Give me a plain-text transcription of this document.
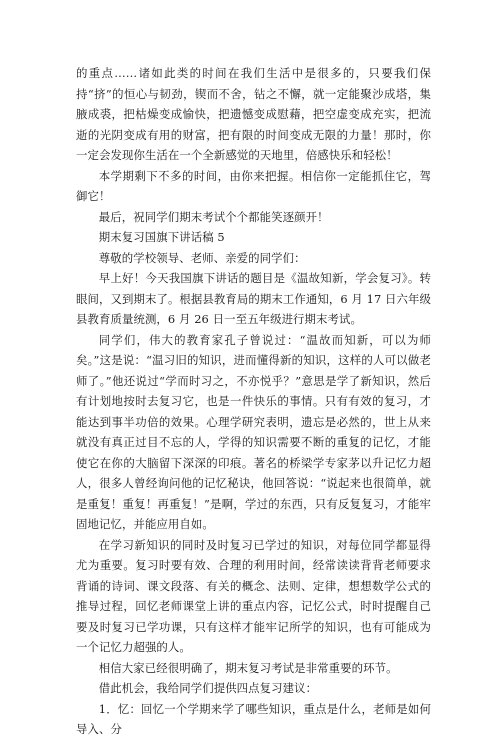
的重点……诸如此类的时间在我们生活中是很多的，只要我们保持“挤”的恒心与韧劲，锲而不舍，钻之不懈，就一定能聚沙成塔，集腋成裘，把枯燥变成愉快，把遗憾变成慰藉，把空虚变成充实，把流逝的光阴变成有用的财富，把有限的时间变成无限的力量！那时，你一定会发现你生活在一个全新感觉的天地里，倍感快乐和轻松！

本学期剩下不多的时间，由你来把握。相信你一定能抓住它，驾御它！

最后，祝同学们期末考试个个都能笑逐颜开！

期末复习国旗下讲话稿 5

尊敬的学校领导、老师、亲爱的同学们：

早上好！今天我国旗下讲话的题目是《温故知新，学会复习》。转眼间，又到期末了。根据县教育局的期末工作通知，6 月 17 日六年级县教育质量统测，6 月 26 日一至五年级进行期末考试。

同学们，伟大的教育家孔子曾说过：“温故而知新，可以为师矣。”这是说：“温习旧的知识，进而懂得新的知识，这样的人可以做老师了。”他还说过“学而时习之，不亦悦乎？”意思是学了新知识，然后有计划地按时去复习它，也是一件快乐的事情。只有有效的复习，才能达到事半功倍的效果。心理学研究表明，遗忘是必然的，世上从来就没有真正过目不忘的人，学得的知识需要不断的重复的记忆，才能使它在你的大脑留下深深的印痕。著名的桥梁学专家茅以升记忆力超人，很多人曾经询问他的记忆秘诀，他回答说：“说起来也很简单，就是重复！重复！再重复！”是啊，学过的东西，只有反复复习，才能牢固地记忆，并能应用自如。

在学习新知识的同时及时复习已学过的知识，对每位同学都显得尤为重要。复习时要有效、合理的利用时间，经常读读背背老师要求背诵的诗词、课文段落、有关的概念、法则、定律，想想数学公式的推导过程，回忆老师课堂上讲的重点内容，记忆公式，时时提醒自己要及时复习已学功课，只有这样才能牢记所学的知识，也有可能成为一个记忆力超强的人。

相信大家已经很明确了，期末复习考试是非常重要的环节。

借此机会，我给同学们提供四点复习建议：

1．忆：回忆一个学期来学了哪些知识，重点是什么，老师是如何导入、分
